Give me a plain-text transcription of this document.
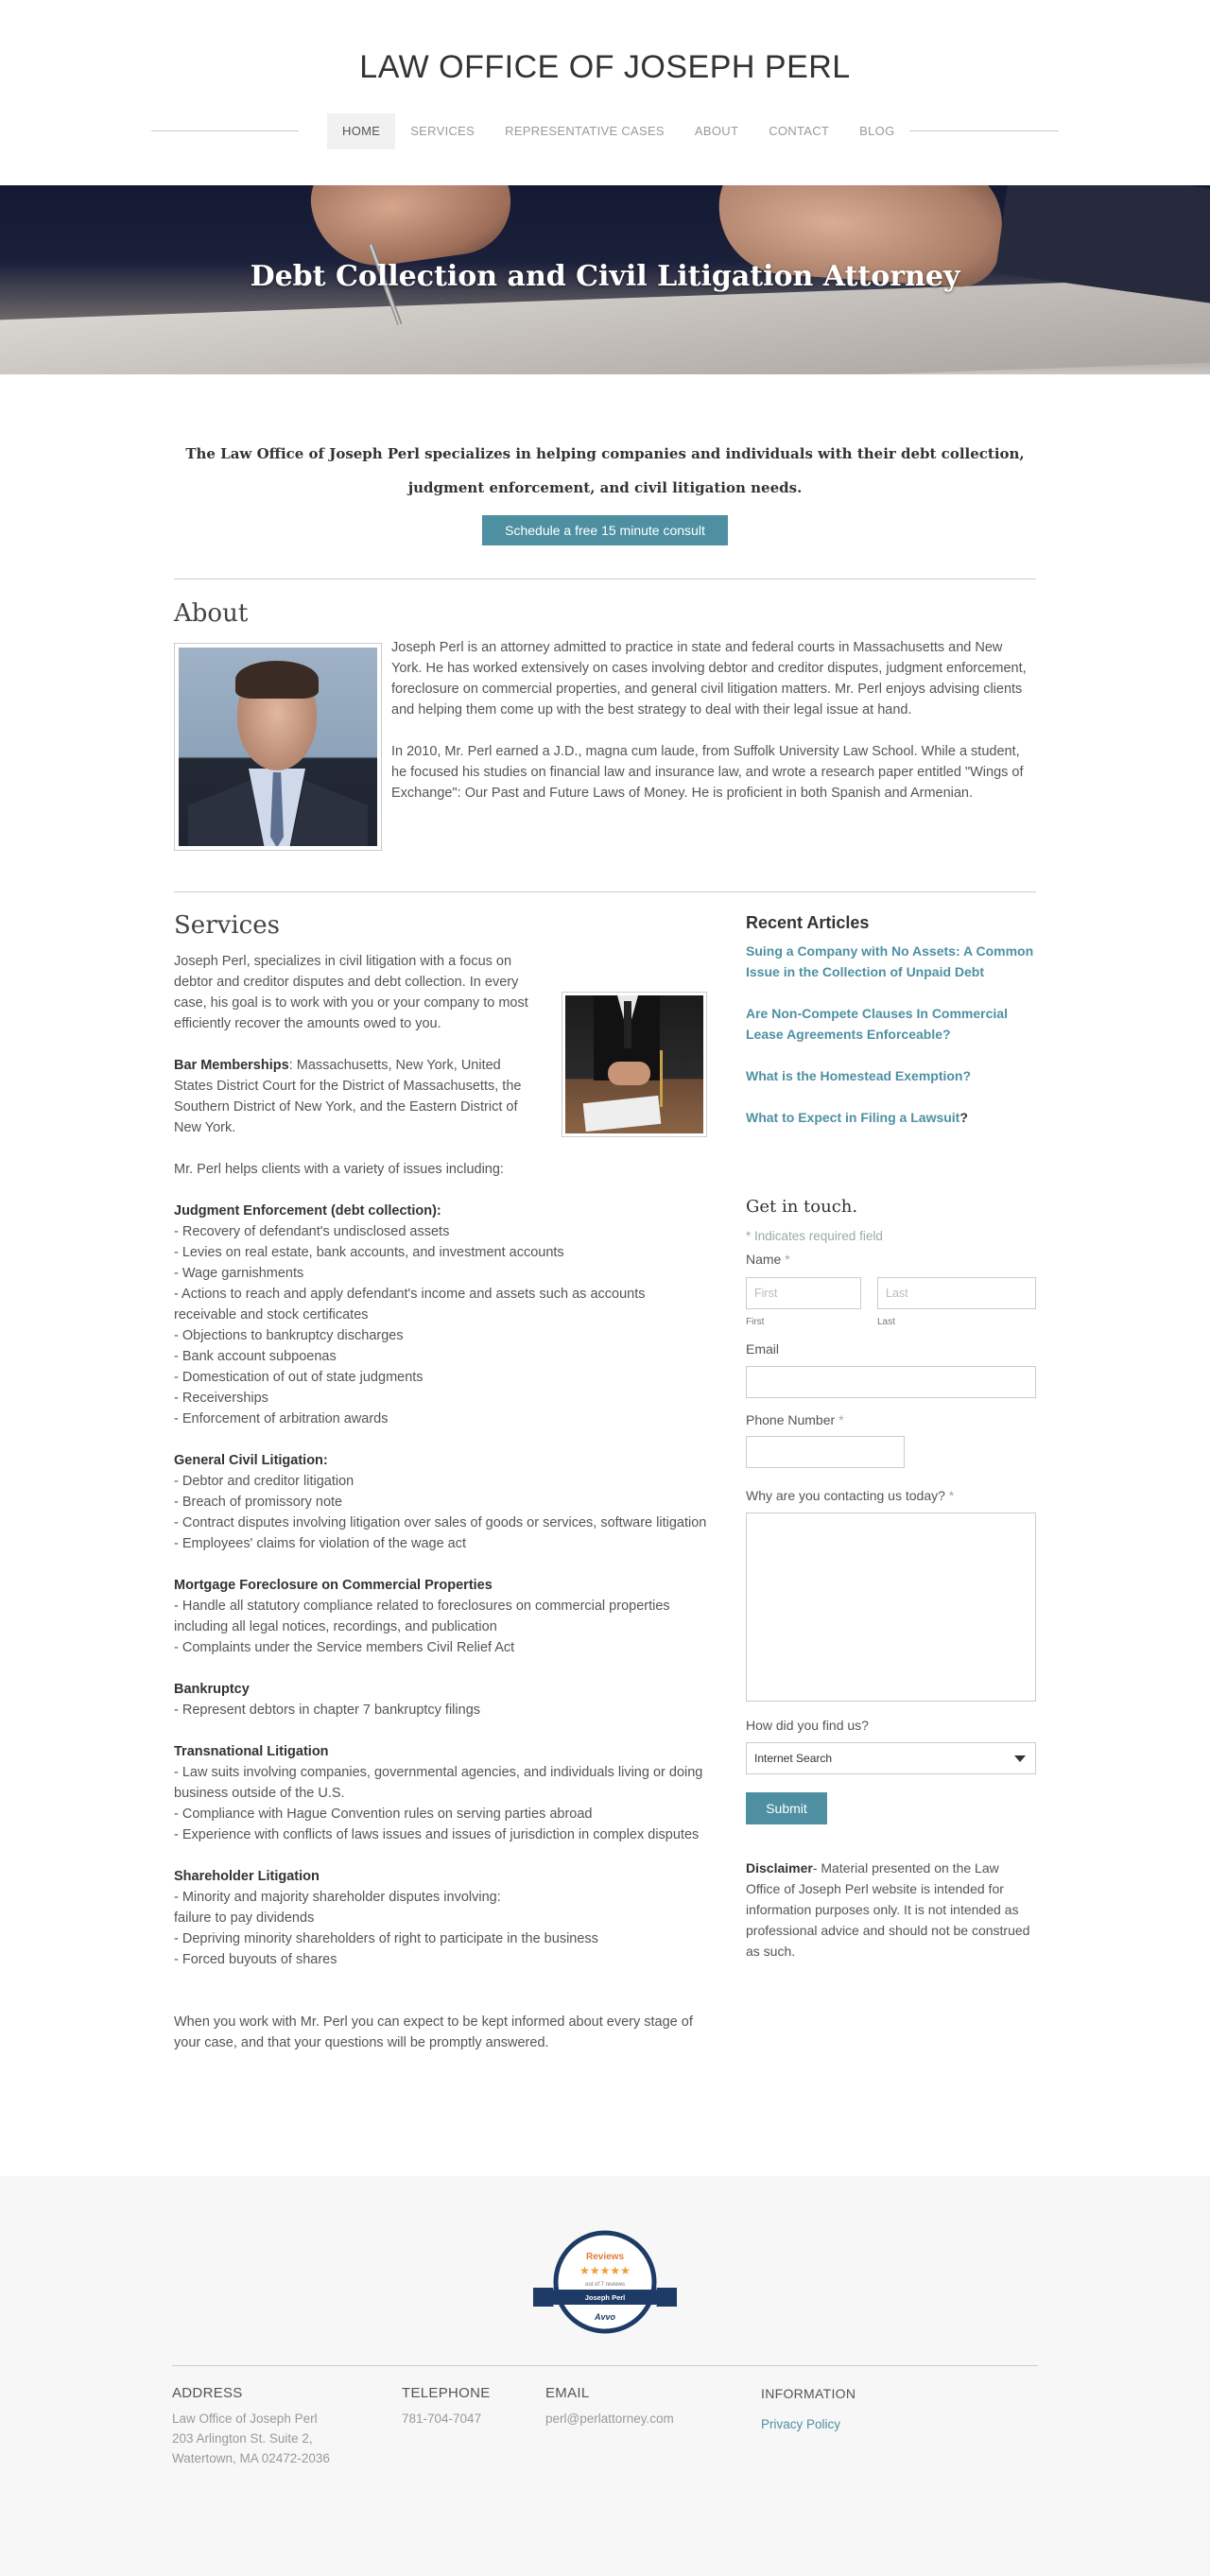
LAW OFFICE OF JOSEPH PERL
HOME	SERVICES	REPRESENTATIVE CASES	ABOUT	CONTACT	BLOG
Debt Collection and Civil Litigation Attorney
The Law Office of Joseph Perl specializes in helping companies and individuals with their debt collection, judgment enforcement, and civil litigation needs.
Schedule a free 15 minute consult
About

Joseph Perl is an attorney admitted to practice in state and federal courts in Massachusetts and New York. He has worked extensively on cases involving debtor and creditor disputes, judgment enforcement, foreclosure on commercial properties, and general civil litigation matters. Mr. Perl enjoys advising clients and helping them come up with the best strategy to deal with their legal issue at hand.

In 2010, Mr. Perl earned a J.D., magna cum laude, from Suffolk University Law School. While a student, he focused his studies on financial law and insurance law, and wrote a research paper entitled "Wings of Exchange": Our Past and Future Laws of Money. He is proficient in both Spanish and Armenian.

Services

Joseph Perl, specializes in civil litigation with a focus on debtor and creditor disputes and debt collection. In every case, his goal is to work with you or your company to most efficiently recover the amounts owed to you.

Bar Memberships: Massachusetts, New York, United States District Court for the District of Massachusetts, the Southern District of New York, and the Eastern District of New York.

Mr. Perl helps clients with a variety of issues including:

Judgment Enforcement (debt collection):
- Recovery of defendant's undisclosed assets
- Levies on real estate, bank accounts, and investment accounts
- Wage garnishments
- Actions to reach and apply defendant's income and assets such as accounts receivable and stock certificates
- Objections to bankruptcy discharges
- Bank account subpoenas
- Domestication of out of state judgments
- Receiverships
- Enforcement of arbitration awards

General Civil Litigation:
- Debtor and creditor litigation
- Breach of promissory note
- Contract disputes involving litigation over sales of goods or services, software litigation
- Employees' claims for violation of the wage act

Mortgage Foreclosure on Commercial Properties
- Handle all statutory compliance related to foreclosures on commercial properties including all legal notices, recordings, and publication
- Complaints under the Service members Civil Relief Act

Bankruptcy
- Represent debtors in chapter 7 bankruptcy filings

Transnational Litigation
- Law suits involving companies, governmental agencies, and individuals living or doing business outside of the U.S.
- Compliance with Hague Convention rules on serving parties abroad
- Experience with conflicts of laws issues and issues of jurisdiction in complex disputes

Shareholder Litigation
- Minority and majority shareholder disputes involving:
failure to pay dividends
- Depriving minority shareholders of right to participate in the business
- Forced buyouts of shares

When you work with Mr. Perl you can expect to be kept informed about every stage of your case, and that your questions will be promptly answered.

Recent Articles
Suing a Company with No Assets: A Common Issue in the Collection of Unpaid Debt
Are Non-Compete Clauses In Commercial Lease Agreements Enforceable?
What is the Homestead Exemption?
What to Expect in Filing a Lawsuit?
Get in touch.
* Indicates required field
Name *
First	Last
First	Last
Email
Phone Number *
Why are you contacting us today? *
How did you find us?
Internet Search
Submit
Disclaimer- Material presented on the Law Office of Joseph Perl website is intended for information purposes only. It is not intended as professional advice and should not be construed as such.
Reviews
★★★★★
out of 7 reviews
Joseph Perl
Avvo
ADDRESS
Law Office of Joseph Perl
203 Arlington St. Suite 2,
Watertown, MA 02472-2036
TELEPHONE
781-704-7047
EMAIL
perl@perlattorney.com
INFORMATION
Privacy Policy
